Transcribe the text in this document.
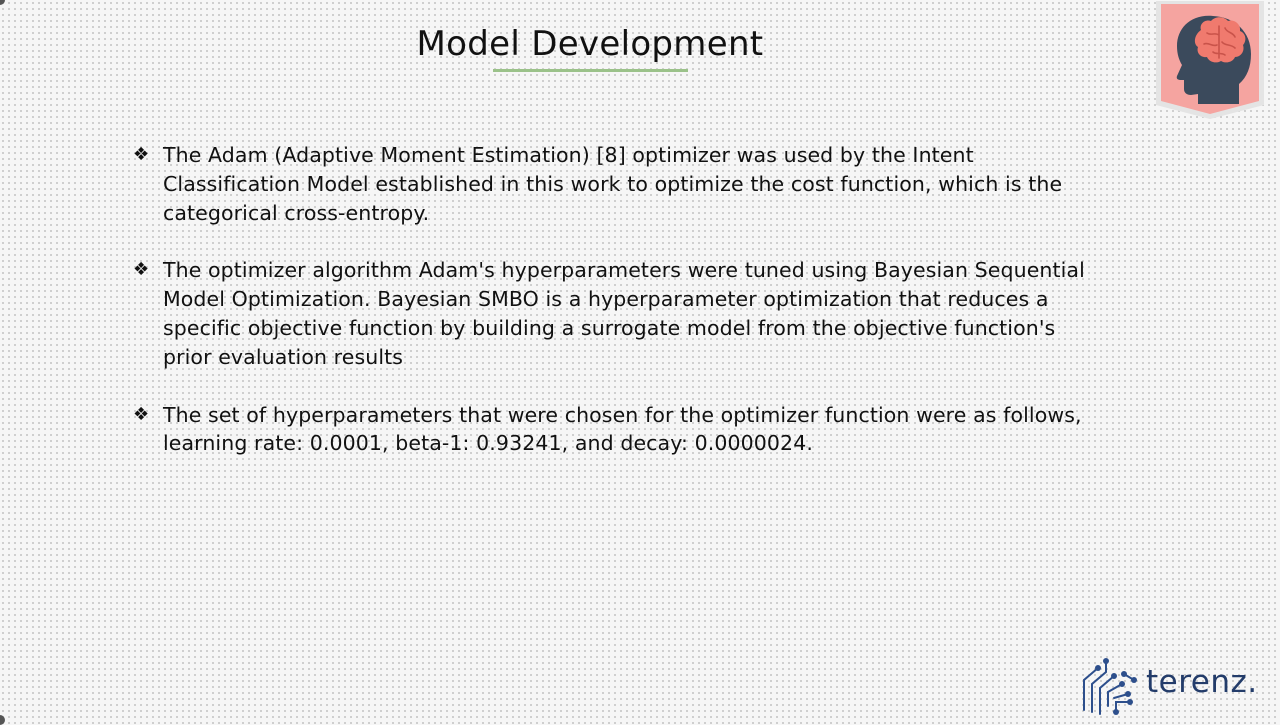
Model Development
❖ The Adam (Adaptive Moment Estimation) [8] optimizer was used by the Intent Classification Model established in this work to optimize the cost function, which is the categorical cross-entropy.
❖ The optimizer algorithm Adam's hyperparameters were tuned using Bayesian Sequential Model Optimization. Bayesian SMBO is a hyperparameter optimization that reduces a specific objective function by building a surrogate model from the objective function's prior evaluation results
❖ The set of hyperparameters that were chosen for the optimizer function were as follows, learning rate: 0.0001, beta-1: 0.93241, and decay: 0.0000024.
terenz.
